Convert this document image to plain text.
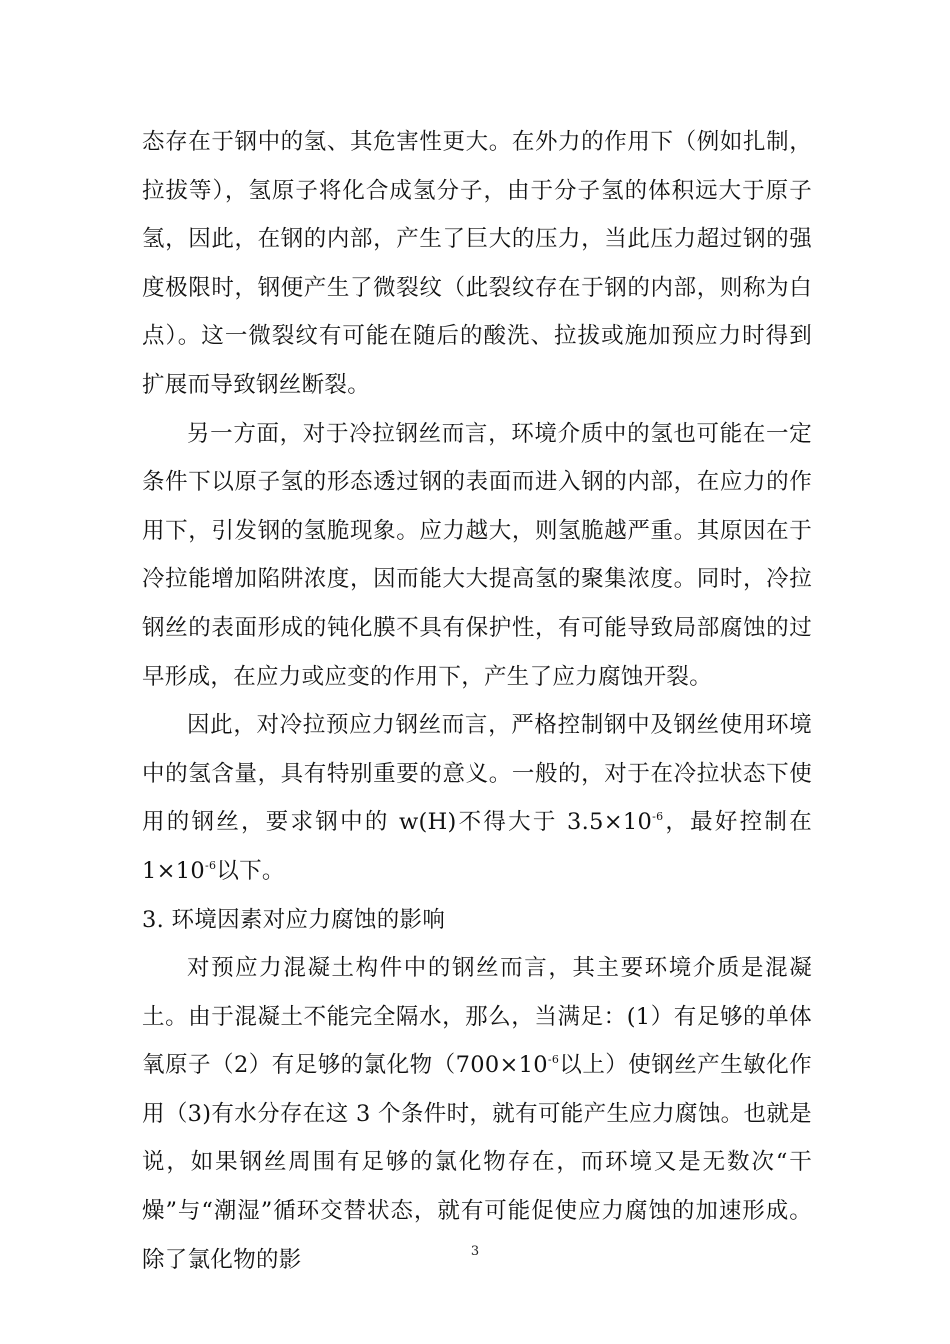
态存在于钢中的氢、其危害性更大。在外力的作用下（例如扎制，拉拔等），氢原子将化合成氢分子，由于分子氢的体积远大于原子氢，因此，在钢的内部，产生了巨大的压力，当此压力超过钢的强度极限时，钢便产生了微裂纹（此裂纹存在于钢的内部，则称为白点）。这一微裂纹有可能在随后的酸洗、拉拔或施加预应力时得到扩展而导致钢丝断裂。

另一方面，对于冷拉钢丝而言，环境介质中的氢也可能在一定条件下以原子氢的形态透过钢的表面而进入钢的内部，在应力的作用下，引发钢的氢脆现象。应力越大，则氢脆越严重。其原因在于冷拉能增加陷阱浓度，因而能大大提高氢的聚集浓度。同时，冷拉钢丝的表面形成的钝化膜不具有保护性，有可能导致局部腐蚀的过早形成，在应力或应变的作用下，产生了应力腐蚀开裂。

因此，对冷拉预应力钢丝而言，严格控制钢中及钢丝使用环境中的氢含量，具有特别重要的意义。一般的，对于在冷拉状态下使用的钢丝，要求钢中的 w(H)不得大于 $3.5\times 10^{-6}$，最好控制在 $1\times 10^{-6}$以下。

3. 环境因素对应力腐蚀的影响

对预应力混凝土构件中的钢丝而言，其主要环境介质是混凝土。由于混凝土不能完全隔水，那么，当满足：(1）有足够的单体氧原子（2）有足够的氯化物（$700\times 10^{-6}$以上）使钢丝产生敏化作用（3)有水分存在这 3 个条件时，就有可能产生应力腐蚀。也就是说，如果钢丝周围有足够的氯化物存在，而环境又是无数次“干燥”与“潮湿”循环交替状态，就有可能促使应力腐蚀的加速形成。除了氯化物的影	3
